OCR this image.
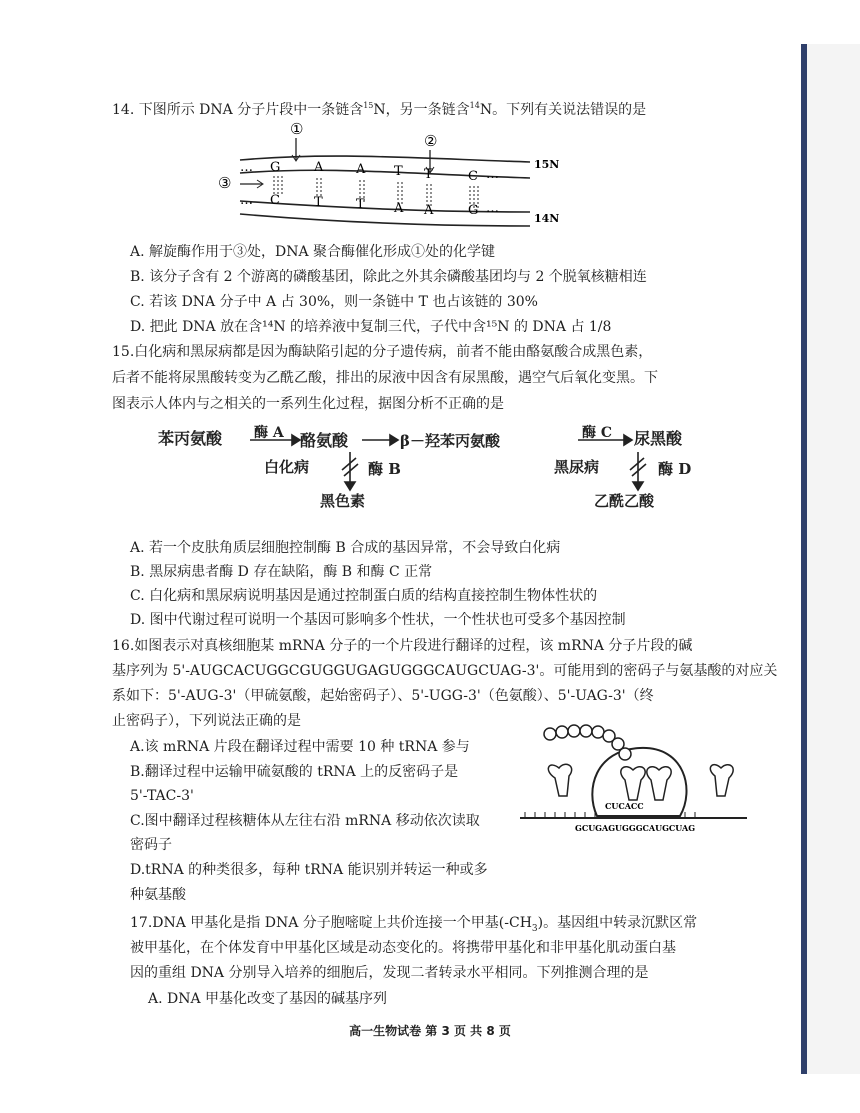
14. 下图所示 DNA 分子片段中一条链含$^{15}$N，另一条链含$^{14}$N。下列有关说法错误的是
①
②
③
… G	A	A T T	C …
15N
… C	T	T A A	G …
14N
A. 解旋酶作用于③处，DNA 聚合酶催化形成①处的化学键
B. 该分子含有 2 个游离的磷酸基团，除此之外其余磷酸基团均与 2 个脱氧核糖相连
C. 若该 DNA 分子中 A 占 30%，则一条链中 T 也占该链的 30%
D. 把此 DNA 放在含¹⁴N 的培养液中复制三代，子代中含¹⁵N 的 DNA 占 1/8
15.白化病和黑尿病都是因为酶缺陷引起的分子遗传病，前者不能由酪氨酸合成黑色素，
后者不能将尿黑酸转变为乙酰乙酸，排出的尿液中因含有尿黑酸，遇空气后氧化变黑。下
图表示人体内与之相关的一系列生化过程，据图分析不正确的是
苯丙氨酸 酶 A 酪氨酸	β－羟苯丙氨酸	酶 C 尿黑酸
白化病	酶 B
黑色素
黑尿病	酶 D
乙酰乙酸
A. 若一个皮肤角质层细胞控制酶 B 合成的基因异常，不会导致白化病
B. 黑尿病患者酶 D 存在缺陷，酶 B 和酶 C 正常
C. 白化病和黑尿病说明基因是通过控制蛋白质的结构直接控制生物体性状的
D. 图中代谢过程可说明一个基因可影响多个性状，一个性状也可受多个基因控制
16.如图表示对真核细胞某 mRNA 分子的一个片段进行翻译的过程，该 mRNA 分子片段的碱
基序列为 5'-AUGCACUGGCGUGGUGAGUGGGCAUGCUAG-3'。可能用到的密码子与氨基酸的对应关
系如下：5'-AUG-3'（甲硫氨酸，起始密码子）、5'-UGG-3'（色氨酸）、5'-UAG-3'（终
止密码子），下列说法正确的是
A.该 mRNA 片段在翻译过程中需要 10 种 tRNA 参与
B.翻译过程中运输甲硫氨酸的 tRNA 上的反密码子是
5'-TAC-3'
C.图中翻译过程核糖体从左往右沿 mRNA 移动依次读取
密码子
D.tRNA 的种类很多，每种 tRNA 能识别并转运一种或多
种氨基酸
CUCACC
GCUGAGUGGGCAUGCUAG
17.DNA 甲基化是指 DNA 分子胞嘧啶上共价连接一个甲基$(-CH_3)$。基因组中转录沉默区常
被甲基化，在个体发育中甲基化区域是动态变化的。将携带甲基化和非甲基化肌动蛋白基
因的重组 DNA 分别导入培养的细胞后，发现二者转录水平相同。下列推测合理的是
A. DNA 甲基化改变了基因的碱基序列
高一生物试卷 第 3 页 共 8 页
